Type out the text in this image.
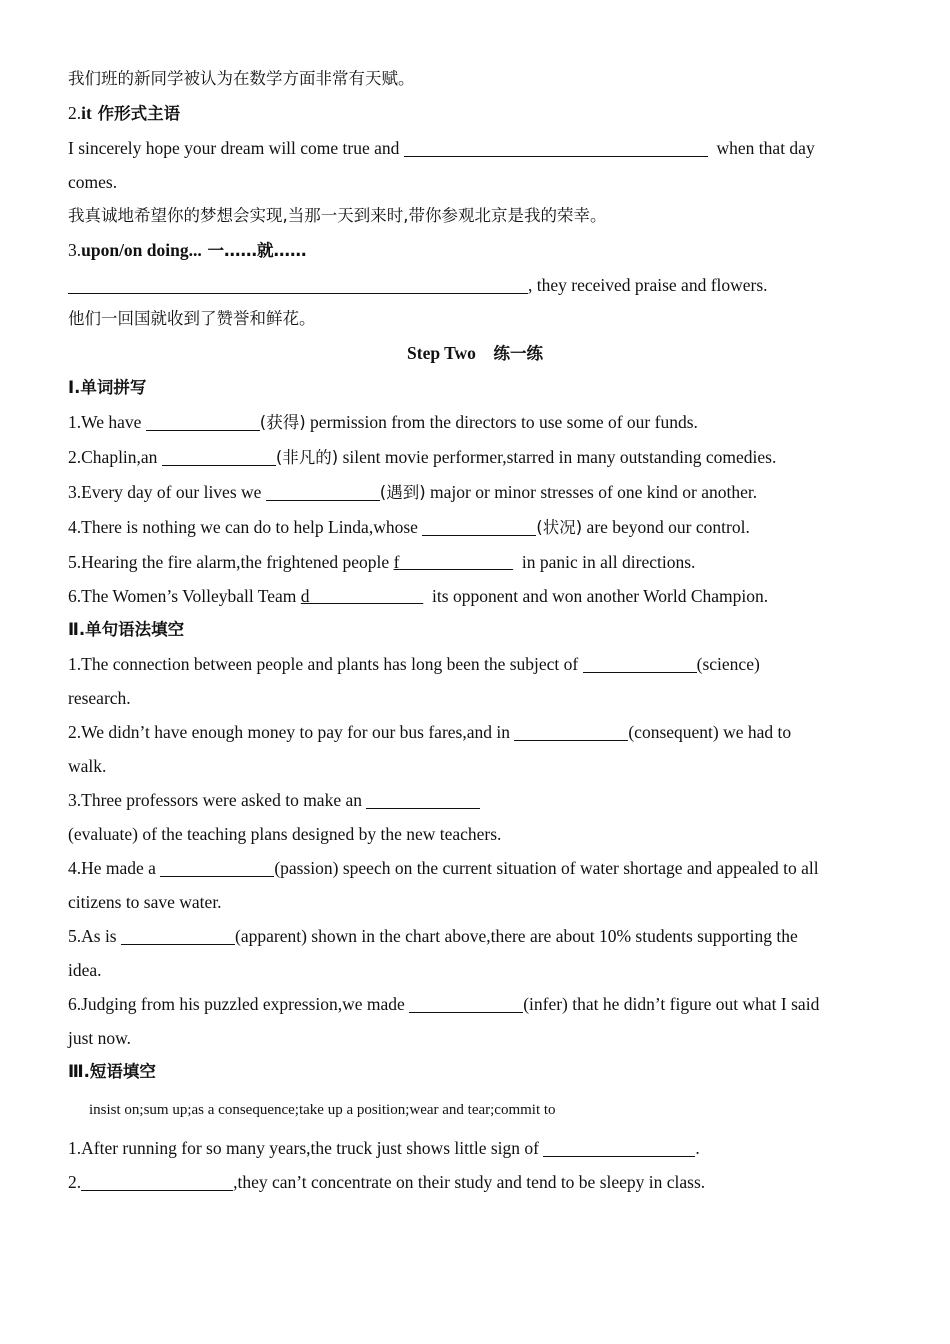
我们班的新同学被认为在数学方面非常有天赋。
2.it 作形式主语
I sincerely hope your dream will come true and	when that day
comes.
我真诚地希望你的梦想会实现,当那一天到来时,带你参观北京是我的荣幸。
3.upon/on doing... 一……就……
, they received praise and flowers.
他们一回国就收到了赞誉和鲜花。
Step Two 练一练
Ⅰ.单词拼写
1.We have	(获得) permission from the directors to use some of our funds.
2.Chaplin,an	(非凡的) silent movie performer,starred in many outstanding comedies.
3.Every day of our lives we	(遇到) major or minor stresses of one kind or another.
4.There is nothing we can do to help Linda,whose	(状况) are beyond our control.
5.Hearing the fire alarm,the frightened people f	in panic in all directions.
6.The Women’s Volleyball Team d	its opponent and won another World Champion.
Ⅱ.单句语法填空
1.The connection between people and plants has long been the subject of	(science)
research.
2.We didn’t have enough money to pay for our bus fares,and in	(consequent) we had to
walk.
3.Three professors were asked to make an
(evaluate) of the teaching plans designed by the new teachers.
4.He made a	(passion) speech on the current situation of water shortage and appealed to all
citizens to save water.
5.As is	(apparent) shown in the chart above,there are about 10% students supporting the
idea.
6.Judging from his puzzled expression,we made	(infer) that he didn’t figure out what I said
just now.
Ⅲ.短语填空
insist on;sum up;as a consequence;take up a position;wear and tear;commit to
1.After running for so many years,the truck just shows little sign of	.
2.	,they can’t concentrate on their study and tend to be sleepy in class.
